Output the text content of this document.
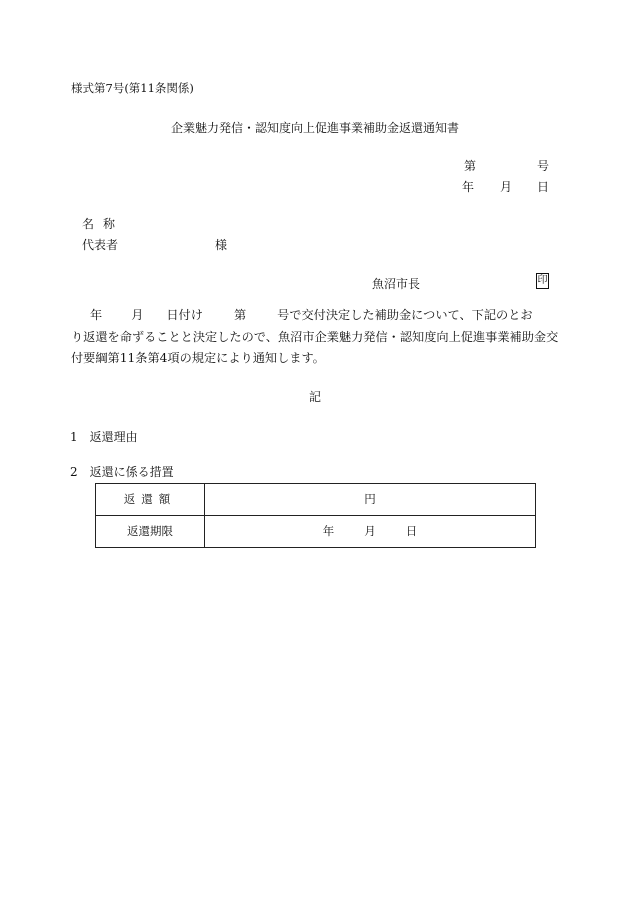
様式第7号(第11条関係)
企業魅力発信・認知度向上促進事業補助金返還通知書
第	号
年 月 日
名称
代表者	様
魚沼市長	印
年 月 日付け	第	号で交付決定した補助金について、下記のとお
り返還を命ずることと決定したので、魚沼市企業魅力発信・認知度向上促進事業補助金交
付要綱第11条第4項の規定により通知します。
記
1　返還理由
2　返還に係る措置
返還額	円
返還期限	年 月 日
